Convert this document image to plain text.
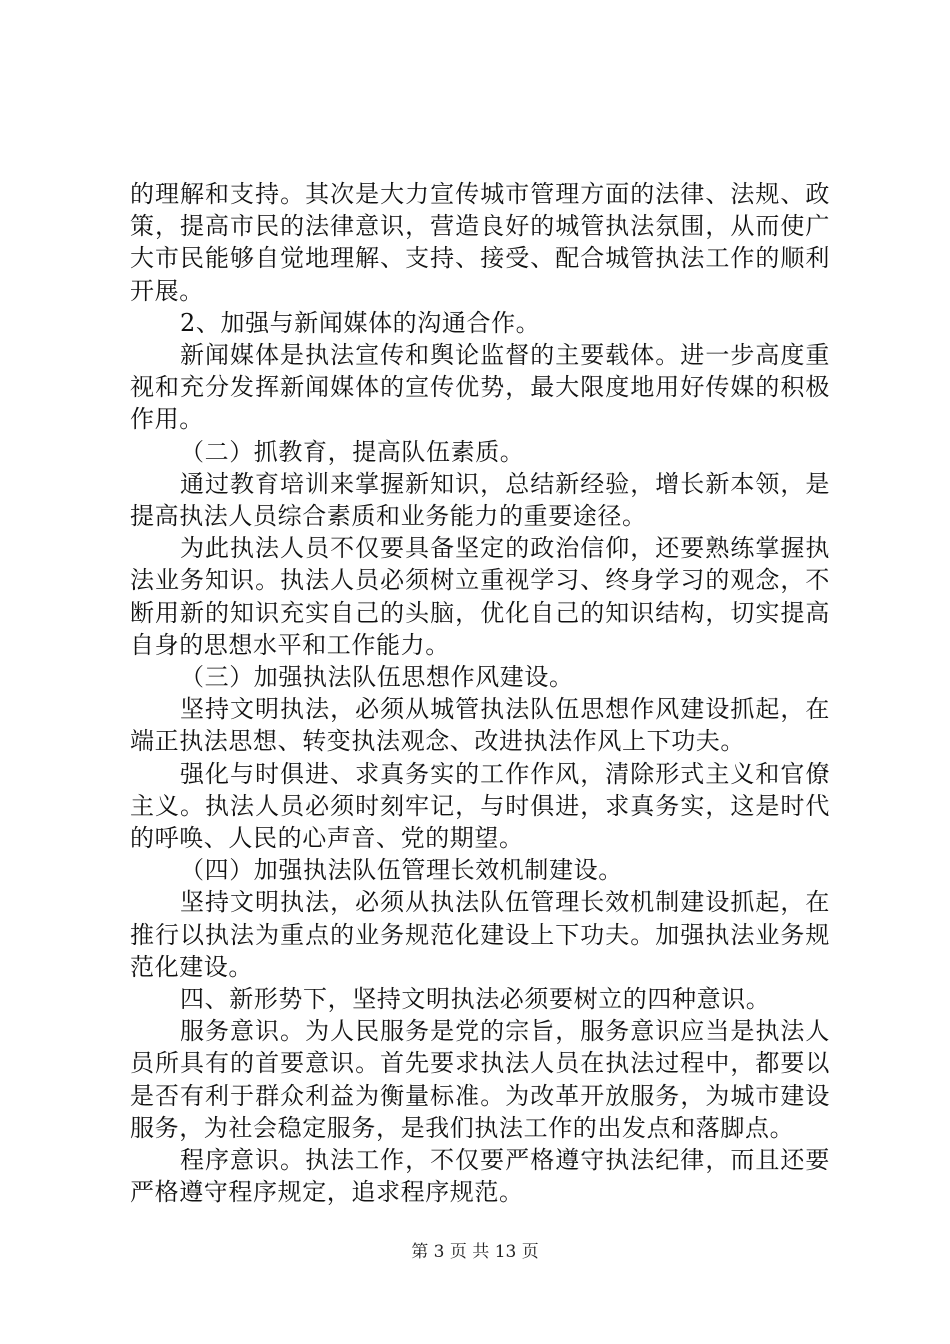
的理解和支持。其次是大力宣传城市管理方面的法律、法规、政策，提高市民的法律意识，营造良好的城管执法氛围，从而使广大市民能够自觉地理解、支持、接受、配合城管执法工作的顺利开展。

2、加强与新闻媒体的沟通合作。

新闻媒体是执法宣传和舆论监督的主要载体。进一步高度重视和充分发挥新闻媒体的宣传优势，最大限度地用好传媒的积极作用。

（二）抓教育，提高队伍素质。

通过教育培训来掌握新知识，总结新经验，增长新本领，是提高执法人员综合素质和业务能力的重要途径。

为此执法人员不仅要具备坚定的政治信仰，还要熟练掌握执法业务知识。执法人员必须树立重视学习、终身学习的观念，不断用新的知识充实自己的头脑，优化自己的知识结构，切实提高自身的思想水平和工作能力。

（三）加强执法队伍思想作风建设。

坚持文明执法，必须从城管执法队伍思想作风建设抓起，在端正执法思想、转变执法观念、改进执法作风上下功夫。

强化与时俱进、求真务实的工作作风，清除形式主义和官僚主义。执法人员必须时刻牢记，与时俱进，求真务实，这是时代的呼唤、人民的心声音、党的期望。

（四）加强执法队伍管理长效机制建设。

坚持文明执法，必须从执法队伍管理长效机制建设抓起，在推行以执法为重点的业务规范化建设上下功夫。加强执法业务规范化建设。

四、新形势下，坚持文明执法必须要树立的四种意识。

服务意识。为人民服务是党的宗旨，服务意识应当是执法人员所具有的首要意识。首先要求执法人员在执法过程中，都要以是否有利于群众利益为衡量标准。为改革开放服务，为城市建设服务，为社会稳定服务，是我们执法工作的出发点和落脚点。

程序意识。执法工作，不仅要严格遵守执法纪律，而且还要严格遵守程序规定，追求程序规范。

第 3 页 共 13 页
